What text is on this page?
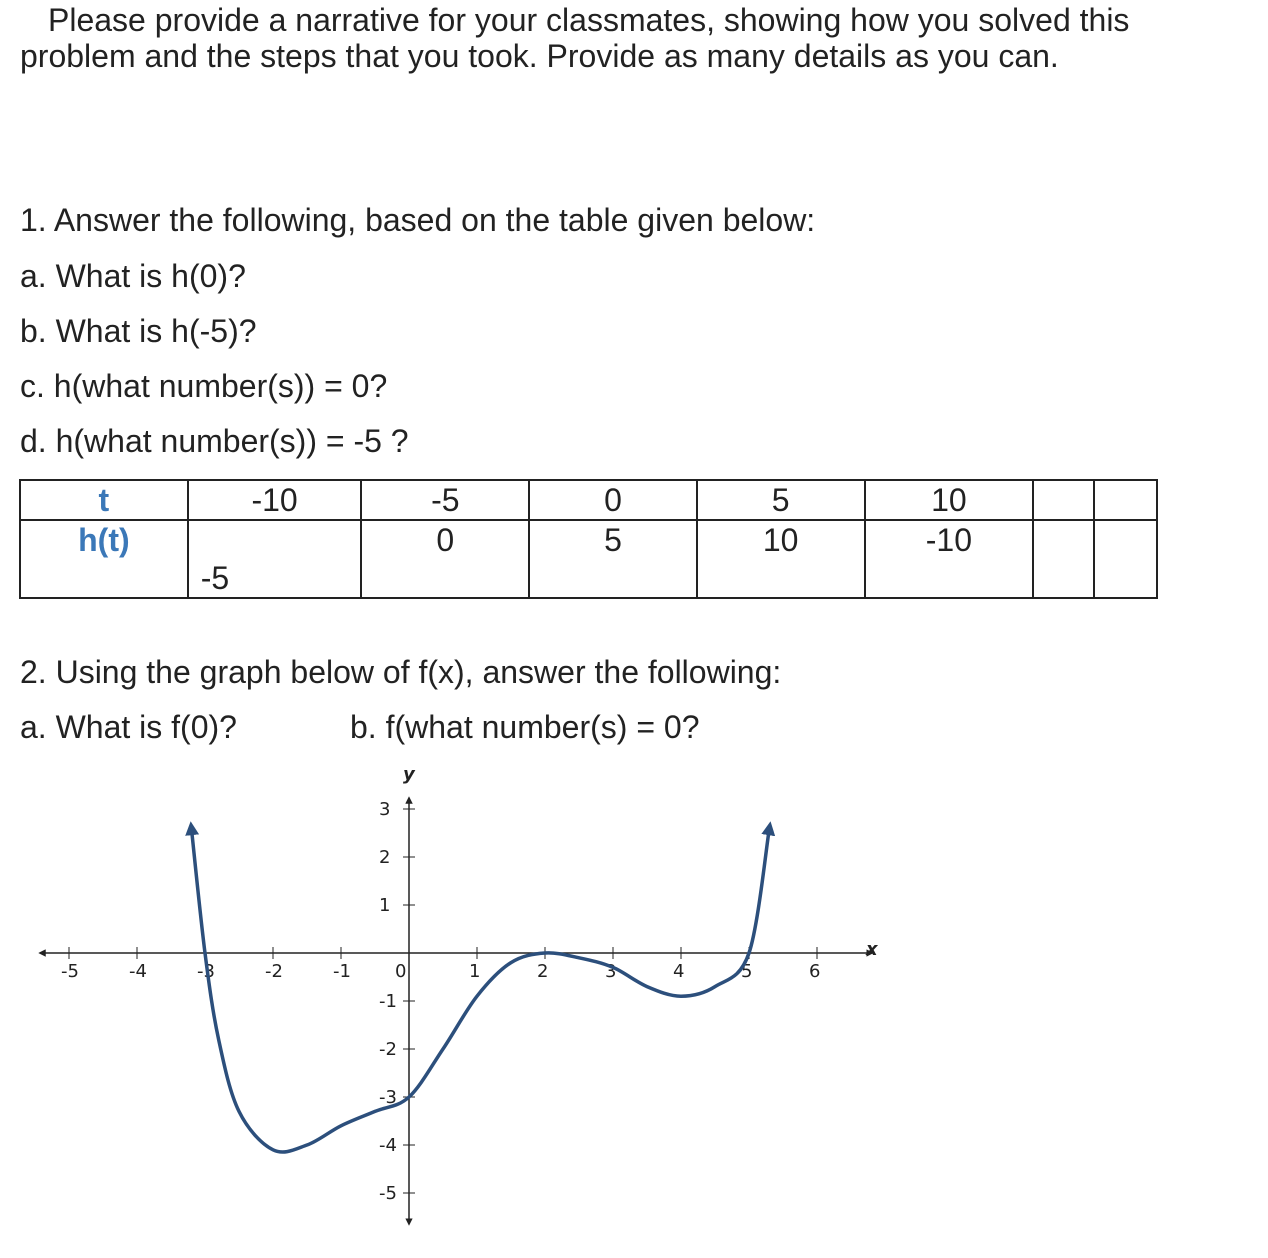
Please provide a narrative for your classmates, showing how you solved this
problem and the steps that you took. Provide as many details as you can.
1. Answer the following, based on the table given below:
a. What is h(0)?
b. What is h(-5)?
c. h(what number(s)) = 0?
d. h(what number(s)) = -5 ?
t	-10	-5	0	5	10		
h(t)	-5	0	5	10	-10		
2. Using the graph below of f(x), answer the following:
a. What is f(0)?	b. f(what number(s) = 0?
x
y
-5	-4	-3	-2	-1 0	1	2	3	4	5	6
3
2
1
-1
-2
-3
-4
-5
